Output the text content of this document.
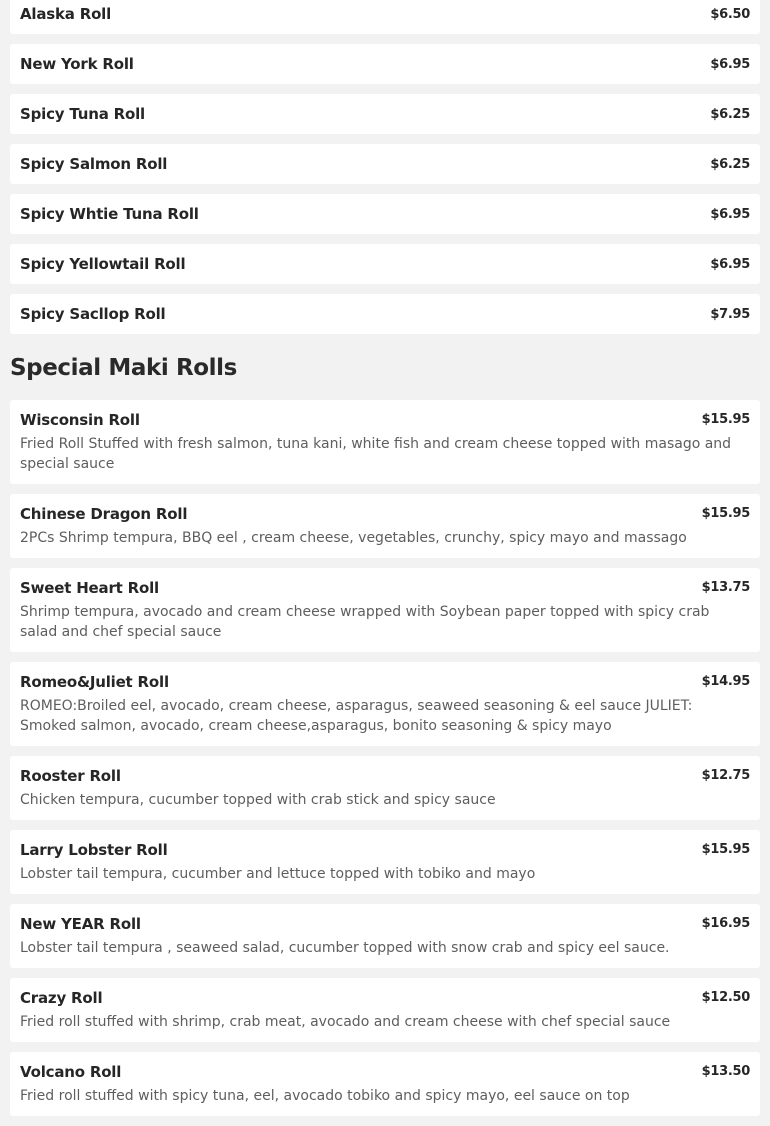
Alaska Roll	$6.50
New York Roll	$6.95
Spicy Tuna Roll	$6.25
Spicy Salmon Roll	$6.25
Spicy Whtie Tuna Roll	$6.95
Spicy Yellowtail Roll	$6.95
Spicy Sacllop Roll	$7.95
Special Maki Rolls
Wisconsin Roll	$15.95
Fried Roll Stuffed with fresh salmon, tuna kani, white fish and cream cheese topped with masago and special sauce
Chinese Dragon Roll	$15.95
2PCs Shrimp tempura, BBQ eel , cream cheese, vegetables, crunchy, spicy mayo and massago
Sweet Heart Roll	$13.75
Shrimp tempura, avocado and cream cheese wrapped with Soybean paper topped with spicy crab salad and chef special sauce
Romeo&Juliet Roll	$14.95
ROMEO:Broiled eel, avocado, cream cheese, asparagus, seaweed seasoning & eel sauce JULIET: Smoked salmon, avocado, cream cheese,asparagus, bonito seasoning & spicy mayo
Rooster Roll	$12.75
Chicken tempura, cucumber topped with crab stick and spicy sauce
Larry Lobster Roll	$15.95
Lobster tail tempura, cucumber and lettuce topped with tobiko and mayo
New YEAR Roll	$16.95
Lobster tail tempura , seaweed salad, cucumber topped with snow crab and spicy eel sauce.
Crazy Roll	$12.50
Fried roll stuffed with shrimp, crab meat, avocado and cream cheese with chef special sauce
Volcano Roll	$13.50
Fried roll stuffed with spicy tuna, eel, avocado tobiko and spicy mayo, eel sauce on top
